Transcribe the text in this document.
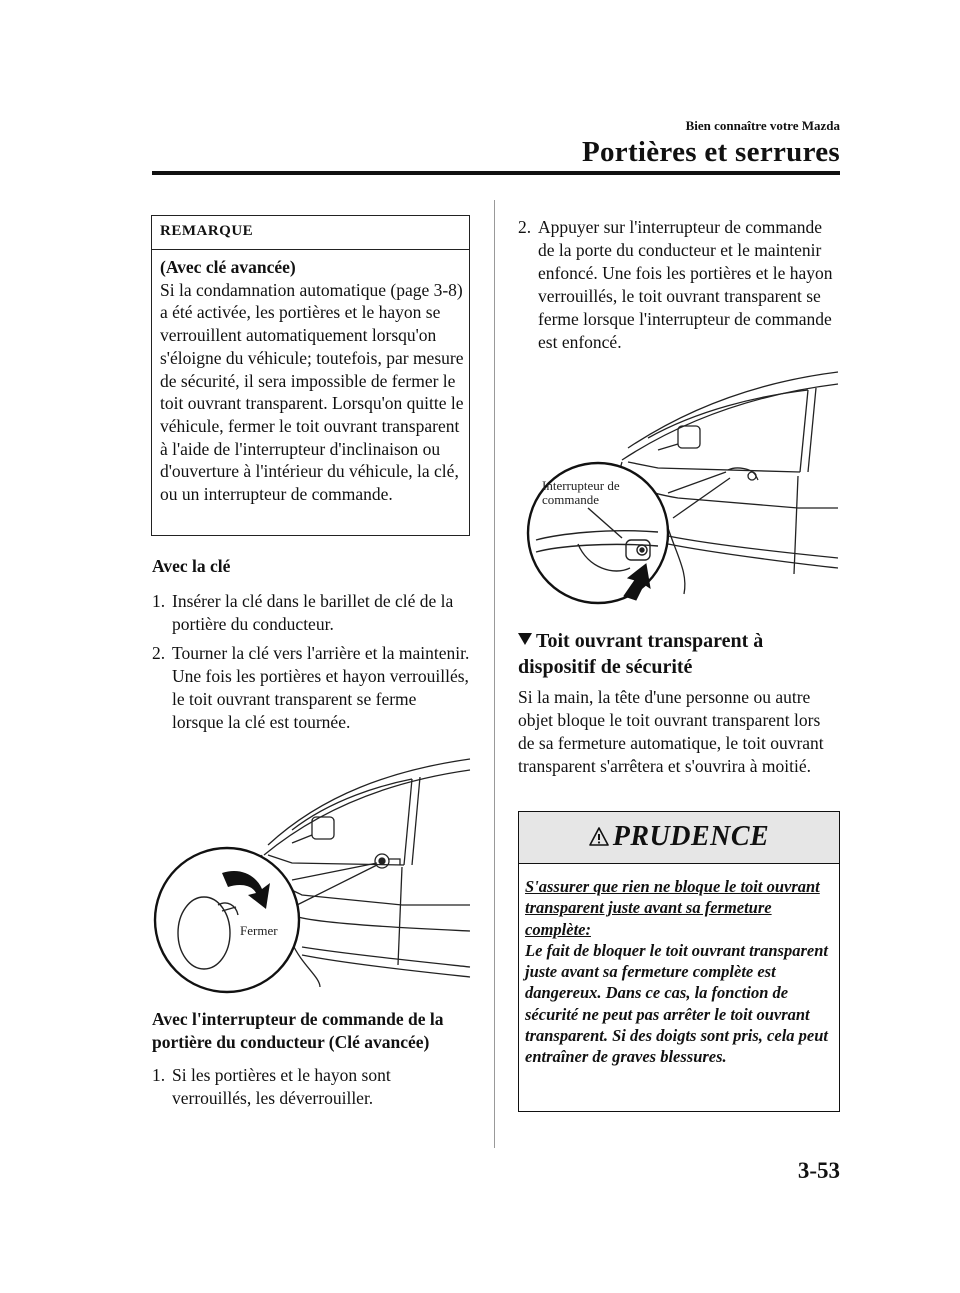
Bien connaître votre Mazda
Portières et serrures
REMARQUE
(Avec clé avancée)
Si la condamnation automatique (page 3-8) a été activée, les portières et le hayon se verrouillent automatiquement lorsqu'on s'éloigne du véhicule; toutefois, par mesure de sécurité, il sera impossible de fermer le toit ouvrant transparent. Lorsqu'on quitte le véhicule, fermer le toit ouvrant transparent à l'aide de l'interrupteur d'inclinaison ou d'ouverture à l'intérieur du véhicule, la clé, ou un interrupteur de commande.
Avec la clé
1. Insérer la clé dans le barillet de clé de la portière du conducteur.
2. Tourner la clé vers l'arrière et la maintenir. Une fois les portières et hayon verrouillés, le toit ouvrant transparent se ferme lorsque la clé est tournée.
Fermer
Avec l'interrupteur de commande de la portière du conducteur (Clé avancée)
1. Si les portières et le hayon sont verrouillés, les déverrouiller.
2. Appuyer sur l'interrupteur de commande de la porte du conducteur et le maintenir enfoncé. Une fois les portières et le hayon verrouillés, le toit ouvrant transparent se ferme lorsque l'interrupteur de commande est enfoncé.
Interrupteur de
commande
Toit ouvrant transparent à dispositif de sécurité
Si la main, la tête d'une personne ou autre objet bloque le toit ouvrant transparent lors de sa fermeture automatique, le toit ouvrant transparent s'arrêtera et s'ouvrira à moitié.
PRUDENCE
S'assurer que rien ne bloque le toit ouvrant transparent juste avant sa fermeture complète:
Le fait de bloquer le toit ouvrant transparent juste avant sa fermeture complète est dangereux. Dans ce cas, la fonction de sécurité ne peut pas arrêter le toit ouvrant transparent. Si des doigts sont pris, cela peut entraîner de graves blessures.
3-53
